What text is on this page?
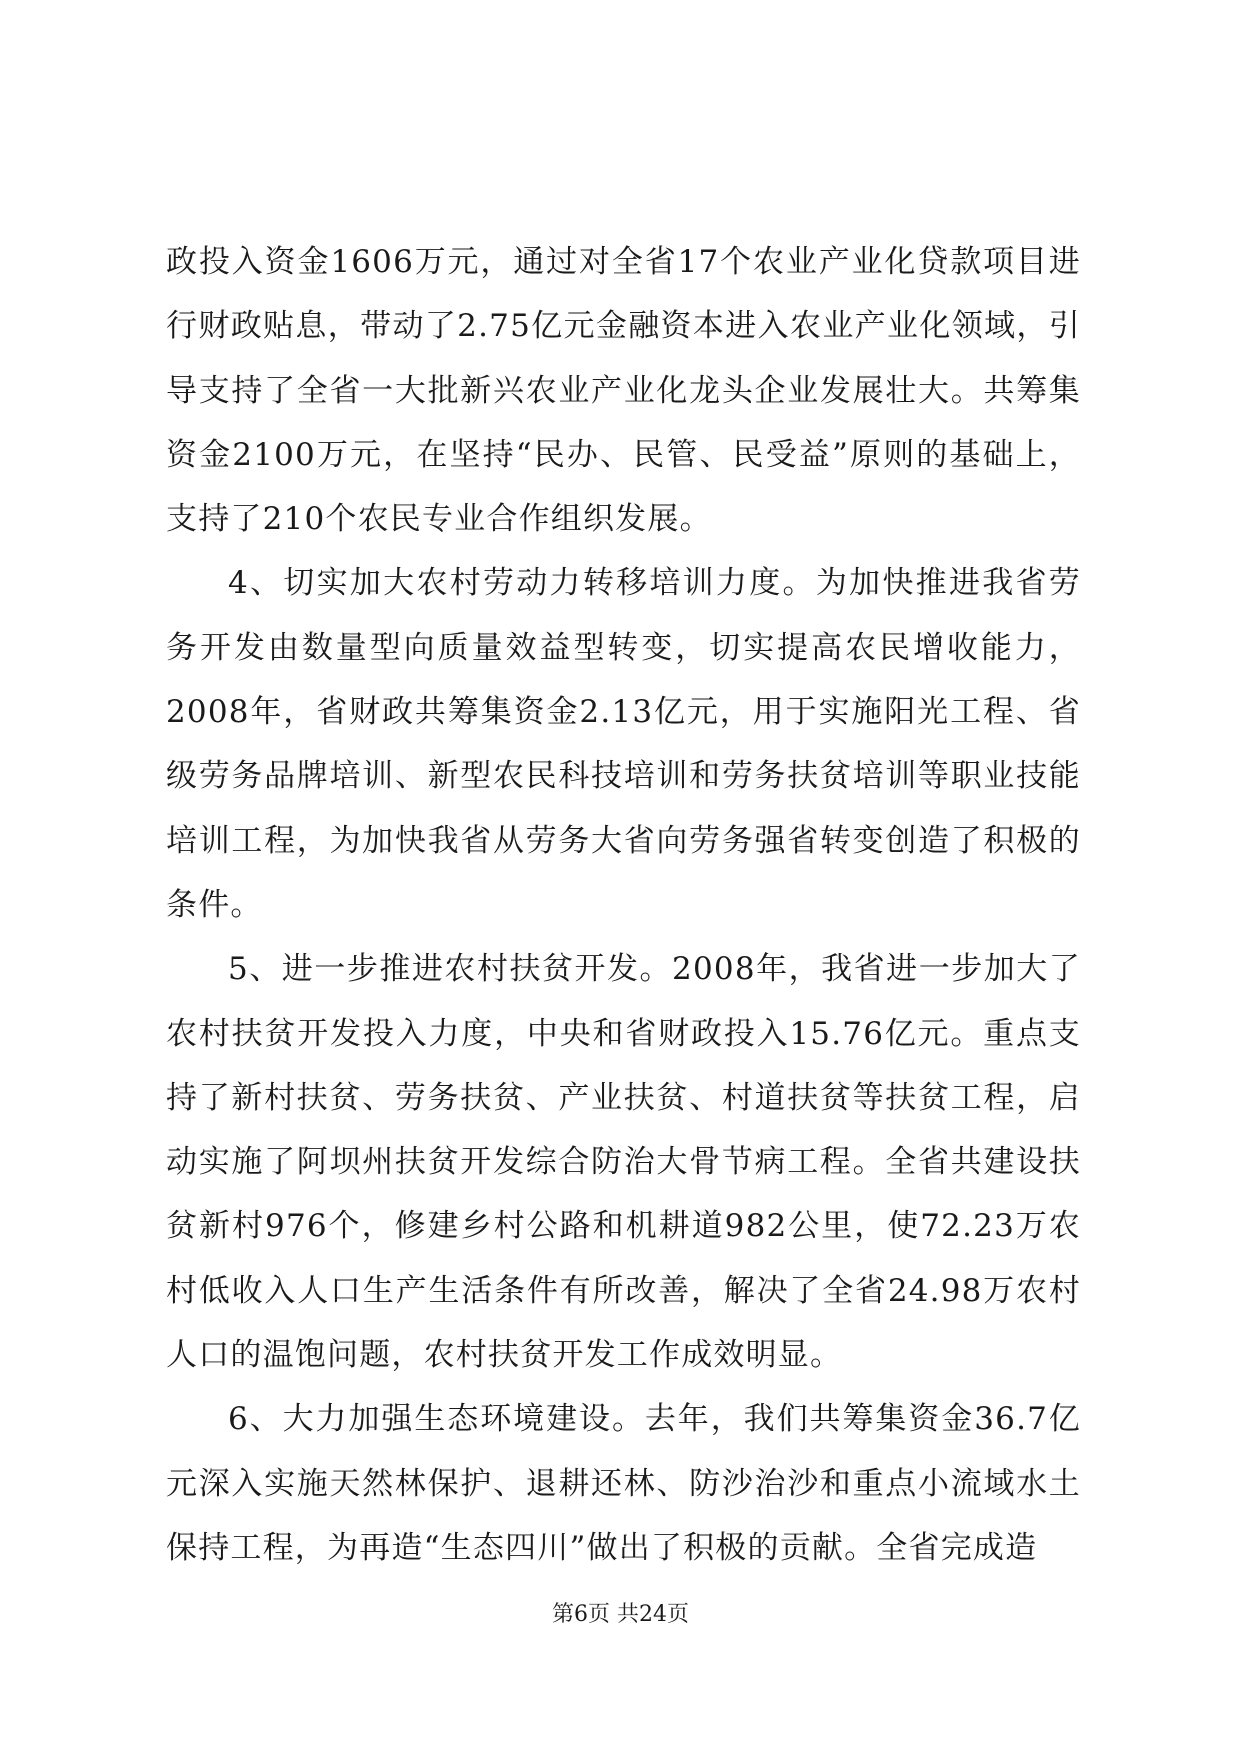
政投入资金1606万元，通过对全省17个农业产业化贷款项目进行财政贴息，带动了2.75亿元金融资本进入农业产业化领域，引导支持了全省一大批新兴农业产业化龙头企业发展壮大。共筹集资金2100万元，在坚持“民办、民管、民受益”原则的基础上，支持了210个农民专业合作组织发展。

4、切实加大农村劳动力转移培训力度。为加快推进我省劳务开发由数量型向质量效益型转变，切实提高农民增收能力，2008年，省财政共筹集资金2.13亿元，用于实施阳光工程、省级劳务品牌培训、新型农民科技培训和劳务扶贫培训等职业技能培训工程，为加快我省从劳务大省向劳务强省转变创造了积极的条件。

5、进一步推进农村扶贫开发。2008年，我省进一步加大了农村扶贫开发投入力度，中央和省财政投入15.76亿元。重点支持了新村扶贫、劳务扶贫、产业扶贫、村道扶贫等扶贫工程，启动实施了阿坝州扶贫开发综合防治大骨节病工程。全省共建设扶贫新村976个，修建乡村公路和机耕道982公里，使72.23万农村低收入人口生产生活条件有所改善，解决了全省24.98万农村人口的温饱问题，农村扶贫开发工作成效明显。

6、大力加强生态环境建设。去年，我们共筹集资金36.7亿元深入实施天然林保护、退耕还林、防沙治沙和重点小流域水土保持工程，为再造“生态四川”做出了积极的贡献。全省完成造

第6页 共24页
